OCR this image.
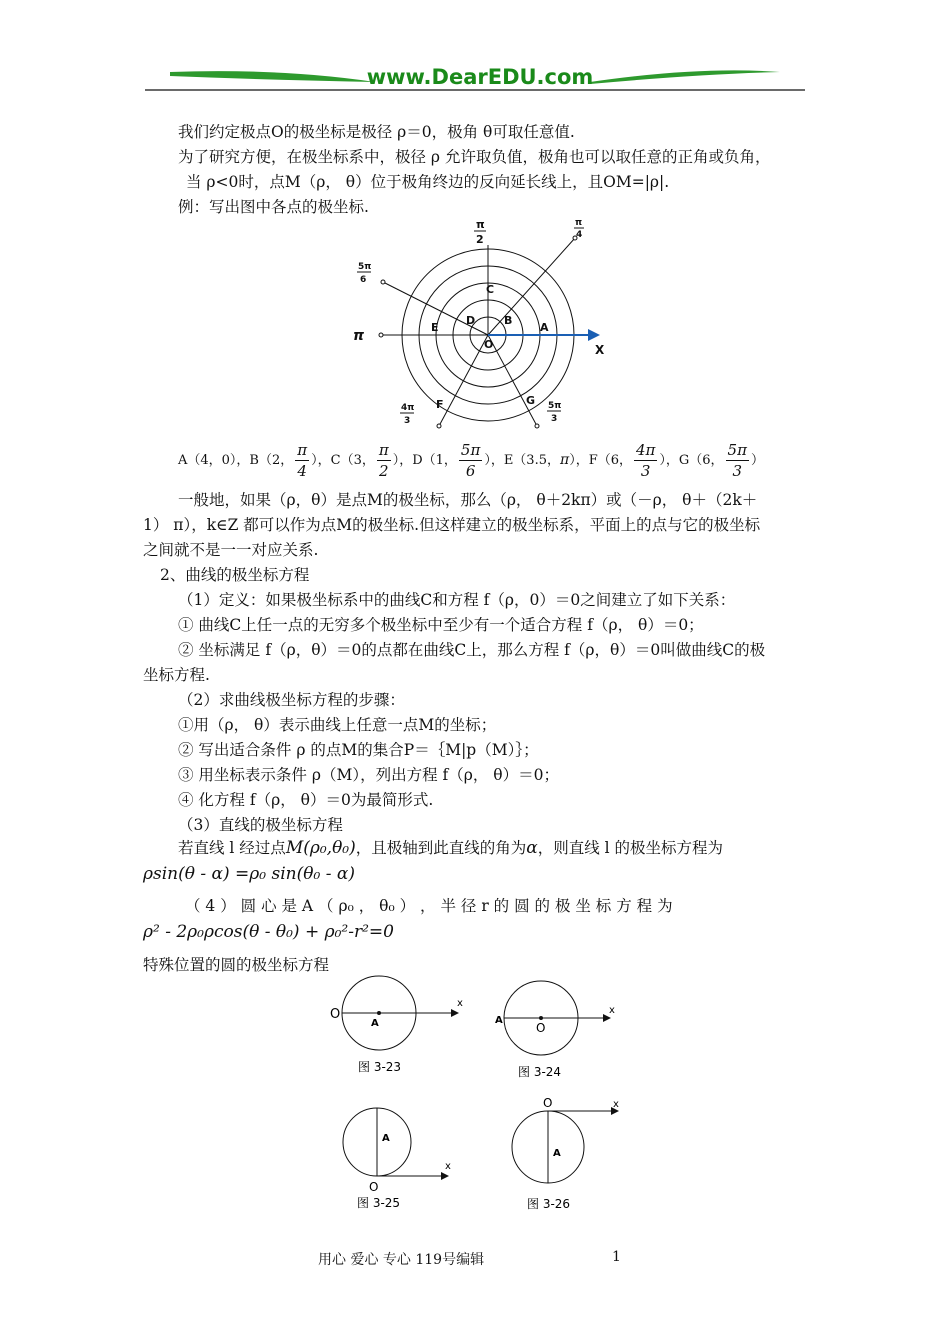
www.DearEDU.com
我们约定极点O的极坐标是极径 ρ＝0，极角 θ可取任意值.
为了研究方便，在极坐标系中，极径 ρ 允许取负值，极角也可以取任意的正角或负角，
当 ρ<0时，点M（ρ， θ）位于极角终边的反向延长线上，且OM=|ρ|.
例：写出图中各点的极坐标.
π
2
π
4
5π
6
π
X
4π
3
5π
3
O
A
B
C
D
E
F	G
A（4，0），B（2， $\frac{\pi}{4}$ ），C（3， $\frac{\pi}{2}$ ），D（1， $\frac{5\pi}{6}$ ），E（3.5，π），F（6， $\frac{4\pi}{3}$ ），G（6， $\frac{5\pi}{3}$ ）
一般地，如果（ρ，θ）是点M的极坐标，那么（ρ， θ＋2kπ）或（－ρ， θ＋（2k＋
1） π），k∈Z 都可以作为点M的极坐标.但这样建立的极坐标系，平面上的点与它的极坐标
之间就不是一一对应关系.
2、曲线的极坐标方程
（1）定义：如果极坐标系中的曲线C和方程 f（ρ，0）＝0之间建立了如下关系：
① 曲线C上任一点的无穷多个极坐标中至少有一个适合方程 f（ρ， θ）＝0；
② 坐标满足 f（ρ，θ）＝0的点都在曲线C上，那么方程 f（ρ，θ）＝0叫做曲线C的极
坐标方程.
（2）求曲线极坐标方程的步骤：
①用（ρ， θ）表示曲线上任意一点M的坐标；
② 写出适合条件 ρ 的点M的集合P＝｛M|p（M）｝；
③ 用坐标表示条件 ρ（M），列出方程 f（ρ， θ）＝0；
④ 化方程 f（ρ， θ）＝0为最简形式.
（3）直线的极坐标方程
若直线 l 经过点M(ρ₀,θ₀)，且极轴到此直线的角为α，则直线 l 的极坐标方程为
ρsin(θ - α) =ρ₀ sin(θ₀ - α)
（ 4 ） 圆 心 是 A （ ρ₀ ， θ₀ ） ， 半 径 r 的 圆 的 极 坐 标 方 程 为
ρ² - 2ρ₀ρcos(θ - θ₀) + ρ₀²-r²=0
特殊位置的圆的极坐标方程
O
A
x
图 3-23
A
O
x
图 3-24
A
O
x
图 3-25
O	x
A
图 3-26
用心 爱心 专心 119号编辑	1
